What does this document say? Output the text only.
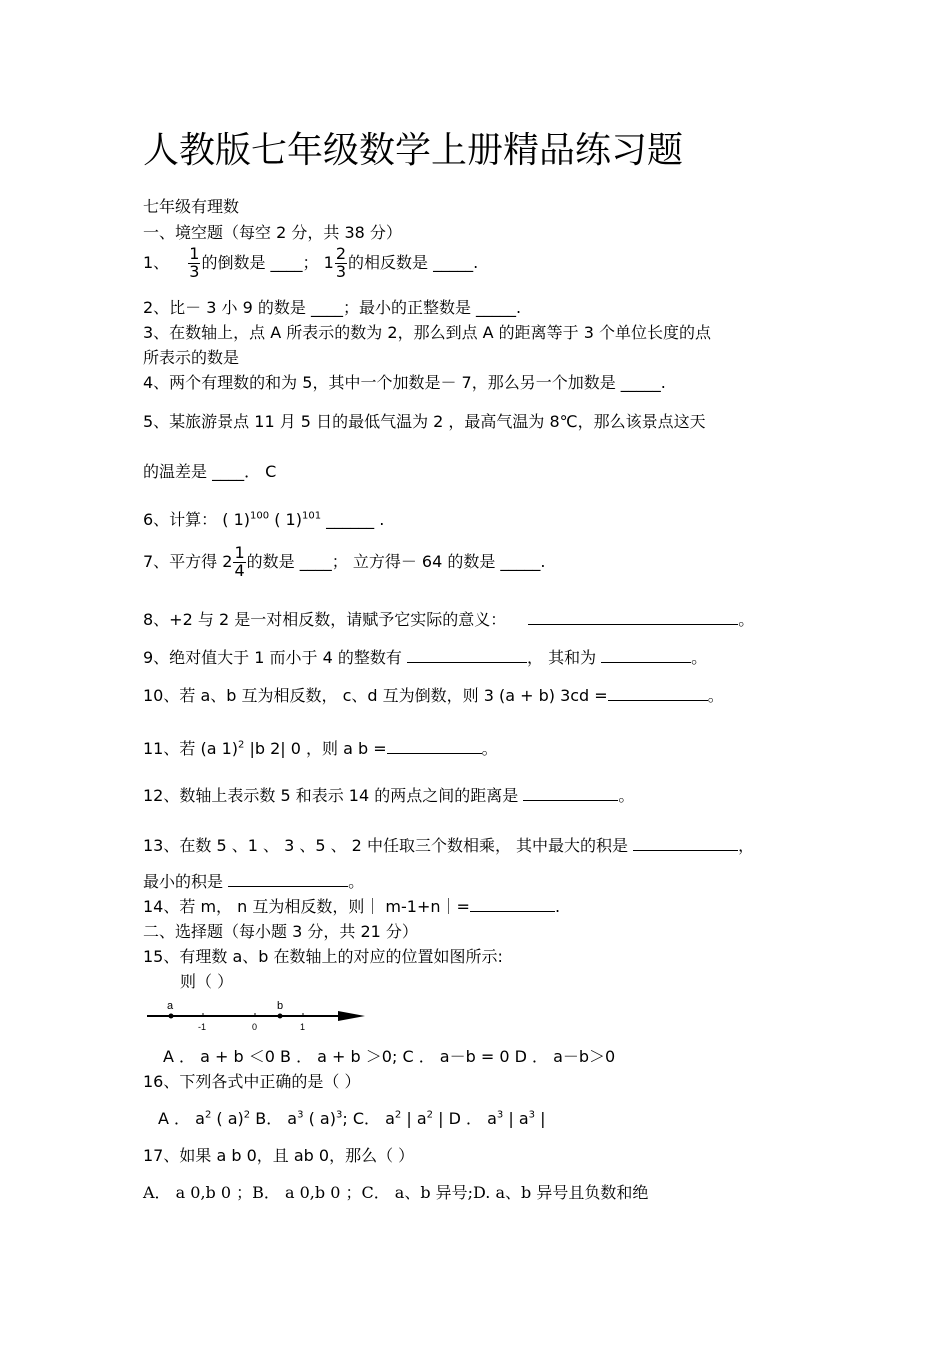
人教版七年级数学上册精品练习题
七年级有理数
一、境空题（每空 2 分，共 38 分）
1、 $\frac{1}{3}$ 的倒数是 ____； $1 \frac{2}{3}$ 的相反数是 _____.
2、比－ 3 小 9 的数是 ____；最小的正整数是 _____.
3、在数轴上，点 A 所表示的数为 2，那么到点 A 的距离等于 3 个单位长度的点
所表示的数是
4、两个有理数的和为 5，其中一个加数是－ 7，那么另一个加数是 _____.
5、某旅游景点 11 月 5 日的最低气温为 2 ，最高气温为 8℃，那么该景点这天
的温差是 ____． C
6、计算： ( 1)$^{100}$ ( 1)$^{101}$ ______ .
7、平方得 $2 \frac{1}{4}$ 的数是 ____； 立方得－ 64 的数是 _____.
8、+2 与 2 是一对相反数，请赋予它实际的意义：	。
9、绝对值大于 1 而小于 4 的整数有	， 其和为	。
10、若 a、b 互为相反数， c、d 互为倒数，则 3 (a + b) 3cd =	。
11、若 (a 1)$^2$ |b 2| 0 ，则 a b =	。
12、数轴上表示数 5 和表示 14 的两点之间的距离是	。
13、在数 5 、1 、 3 、5 、 2 中任取三个数相乘， 其中最大的积是	，
最小的积是	。
14、若 m， n 互为相反数，则｜ m-1+n｜=	.
二、选择题（每小题 3 分，共 21 分）
15、有理数 a、b 在数轴上的对应的位置如图所示:
则（ ）
a	b
-1	0	1
A ． a + b ＜0 B ． a + b ＞0; C ． a－b = 0 D ． a－b＞0
16、下列各式中正确的是（ ）
A ． $a^2$ ( a)$^2$ B． $a^3$ ( a)$^3$; C． $a^2$ | $a^2$ | D ． $a^3$ | $a^3$ |
17、如果 a b 0，且 ab 0，那么（ ）
A． a 0,b 0 ；B． a 0,b 0 ；C． a、b 异号;D. a、b 异号且负数和绝
